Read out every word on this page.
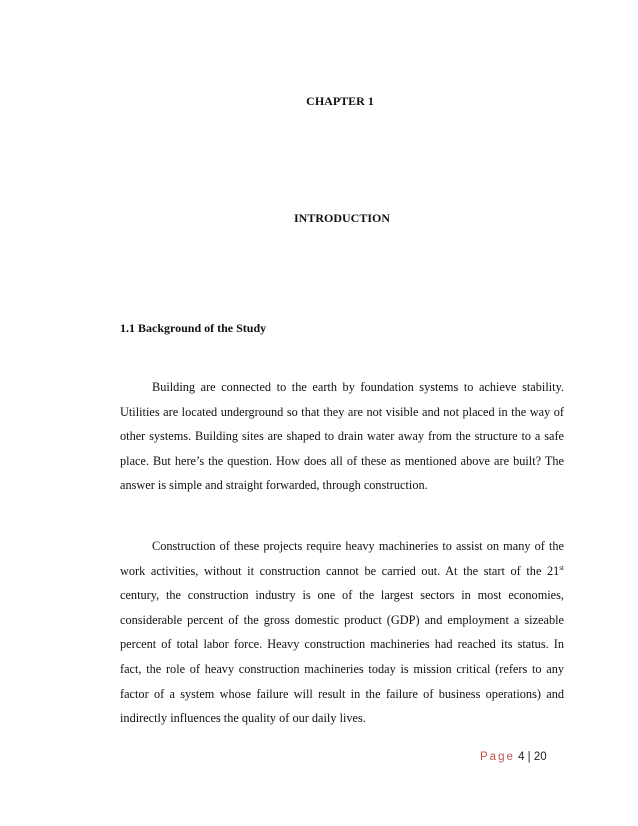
CHAPTER 1
INTRODUCTION
1.1 Background of the Study
Building are connected to the earth by foundation systems to achieve stability. Utilities are located underground so that they are not visible and not placed in the way of other systems. Building sites are shaped to drain water away from the structure to a safe place. But here’s the question. How does all of these as mentioned above are built? The answer is simple and straight forwarded, through construction.
Construction of these projects require heavy machineries to assist on many of the work activities, without it construction cannot be carried out. At the start of the 21st century, the construction industry is one of the largest sectors in most economies, considerable percent of the gross domestic product (GDP) and employment a sizeable percent of total labor force. Heavy construction machineries had reached its status. In fact, the role of heavy construction machineries today is mission critical (refers to any factor of a system whose failure will result in the failure of business operations) and indirectly influences the quality of our daily lives.
Page 4 | 20
